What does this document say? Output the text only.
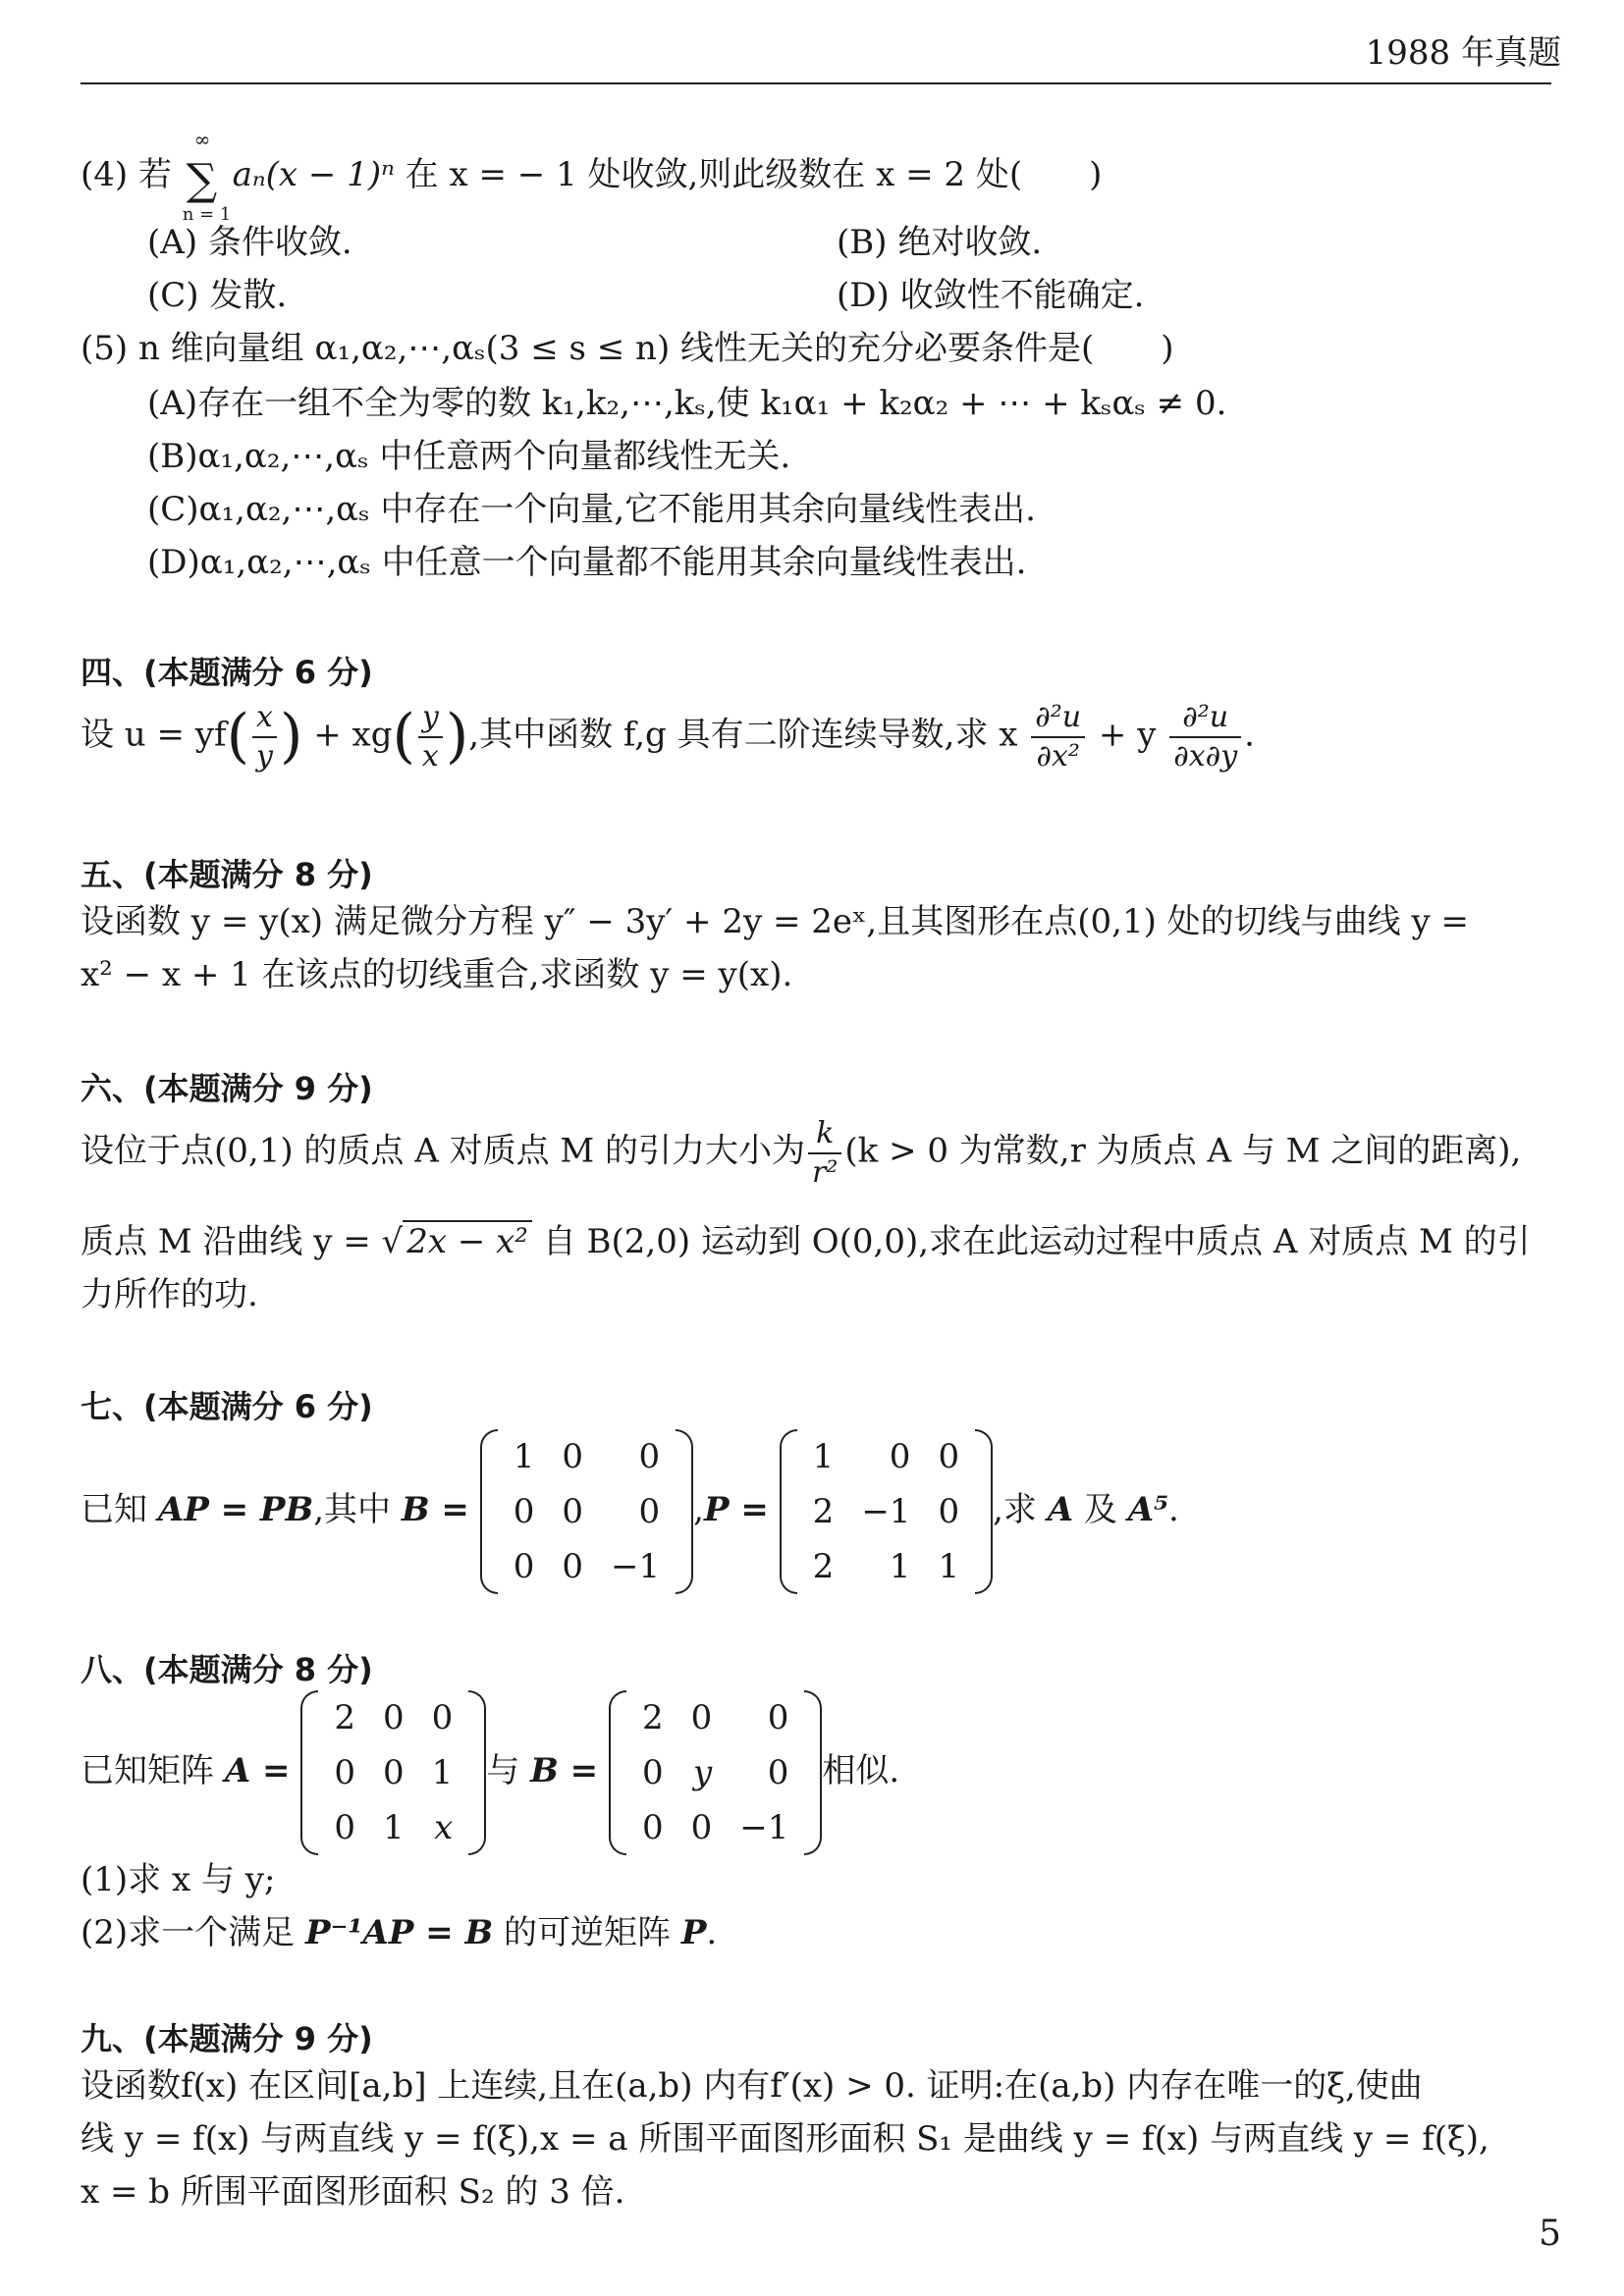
1988 年真题
(4) 若
∞
∑
n = 1
aₙ(x − 1)ⁿ 在 x = − 1 处收敛,则此级数在 x = 2 处(　　)
(A) 条件收敛.	(B) 绝对收敛.
(C) 发散.	(D) 收敛性不能确定.
(5) n 维向量组 α₁,α₂,⋯,αₛ(3 ≤ s ≤ n) 线性无关的充分必要条件是(　　)
(A)存在一组不全为零的数 k₁,k₂,⋯,kₛ,使 k₁α₁ + k₂α₂ + ⋯ + kₛαₛ ≠ 0.
(B)α₁,α₂,⋯,αₛ 中任意两个向量都线性无关.
(C)α₁,α₂,⋯,αₛ 中存在一个向量,它不能用其余向量线性表出.
(D)α₁,α₂,⋯,αₛ 中任意一个向量都不能用其余向量线性表出.
四、(本题满分 6 分)
设 $u = yf( \frac{x}{y}$ ) + $xg( \frac{y}{x}$ ),其中函数 f,g 具有二阶连续导数,求 x $\frac{\text{∂²u}}{\text{∂x²}} + y \frac{\text{∂²u}}{\partial x\partial y}$ .
五、(本题满分 8 分)
设函数 y = y(x) 满足微分方程 y″ − 3y′ + 2y = 2eˣ,且其图形在点(0,1) 处的切线与曲线 y =
x² − x + 1 在该点的切线重合,求函数 y = y(x).
六、(本题满分 9 分)
设位于点(0,1) 的质点 A 对质点 M 的引力大小为 $\frac{k}{\text{r²}} (k > 0$ 为常数,r 为质点 A 与 M 之间的距离),
质点 M 沿曲线 y = √ 2x − x² 自 B(2,0) 运动到 O(0,0),求在此运动过程中质点 A 对质点 M 的引
力所作的功.
七、(本题满分 6 分)
已知 AP = PB,其中 B =
1	0	0
0	0	0
0	0	−1
,P =
1	0	0
2	−1	0
2	1	1
,求 A 及 A⁵.
八、(本题满分 8 分)
已知矩阵 A =
2	0	0
0	0	1
0	1	x
与 B =
2	0	0
0	y	0
0	0	−1
相似.
(1)求 x 与 y;
(2)求一个满足 P⁻¹AP = B 的可逆矩阵 P.
九、(本题满分 9 分)
设函数f(x) 在区间[a,b] 上连续,且在(a,b) 内有f′(x) > 0. 证明:在(a,b) 内存在唯一的ξ,使曲
线 y = f(x) 与两直线 y = f(ξ),x = a 所围平面图形面积 S₁ 是曲线 y = f(x) 与两直线 y = f(ξ),
x = b 所围平面图形面积 S₂ 的 3 倍.
5
